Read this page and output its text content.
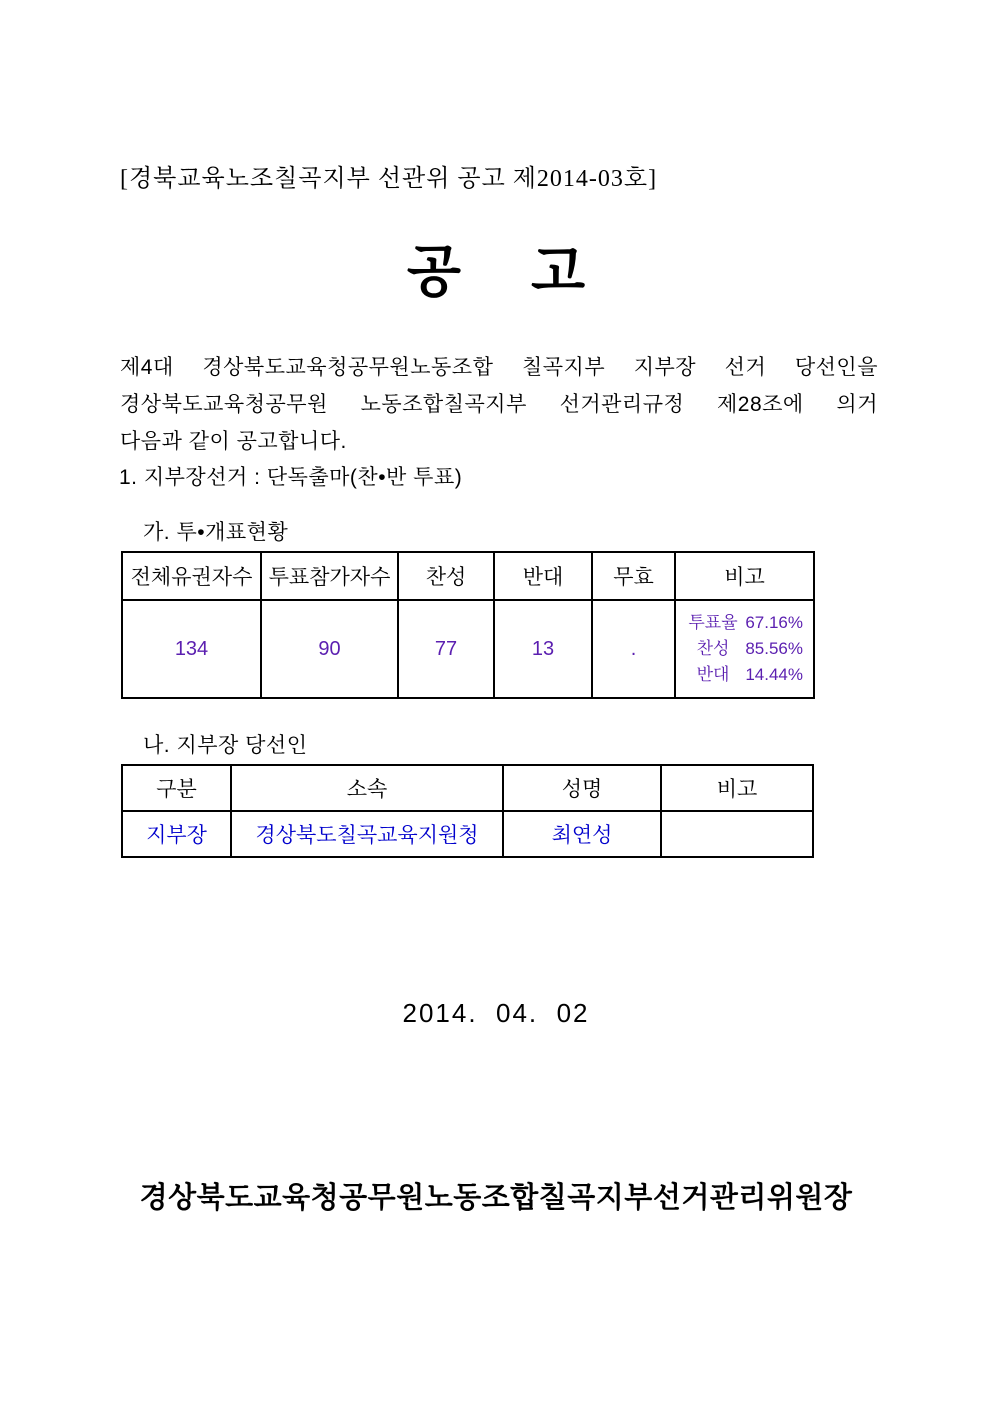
[경북교육노조칠곡지부 선관위 공고 제2014-03호]
공     고
제4대 경상북도교육청공무원노동조합 칠곡지부 지부장 선거 당선인을
경상북도교육청공무원 노동조합칠곡지부 선거관리규정 제28조에 의거
다음과 같이 공고합니다.
1. 지부장선거 : 단독출마(찬•반 투표)
가. 투•개표현황
전체유권자수	투표참가자수	찬성	반대	무효	비고
134	90	77	13	.	
투표율 67.16%
찬성 85.56%
반대 14.44%
나. 지부장 당선인
구분	소속	성명	비고
지부장	경상북도칠곡교육지원청	최연성	
2014.  04.  02
경상북도교육청공무원노동조합칠곡지부선거관리위원장
